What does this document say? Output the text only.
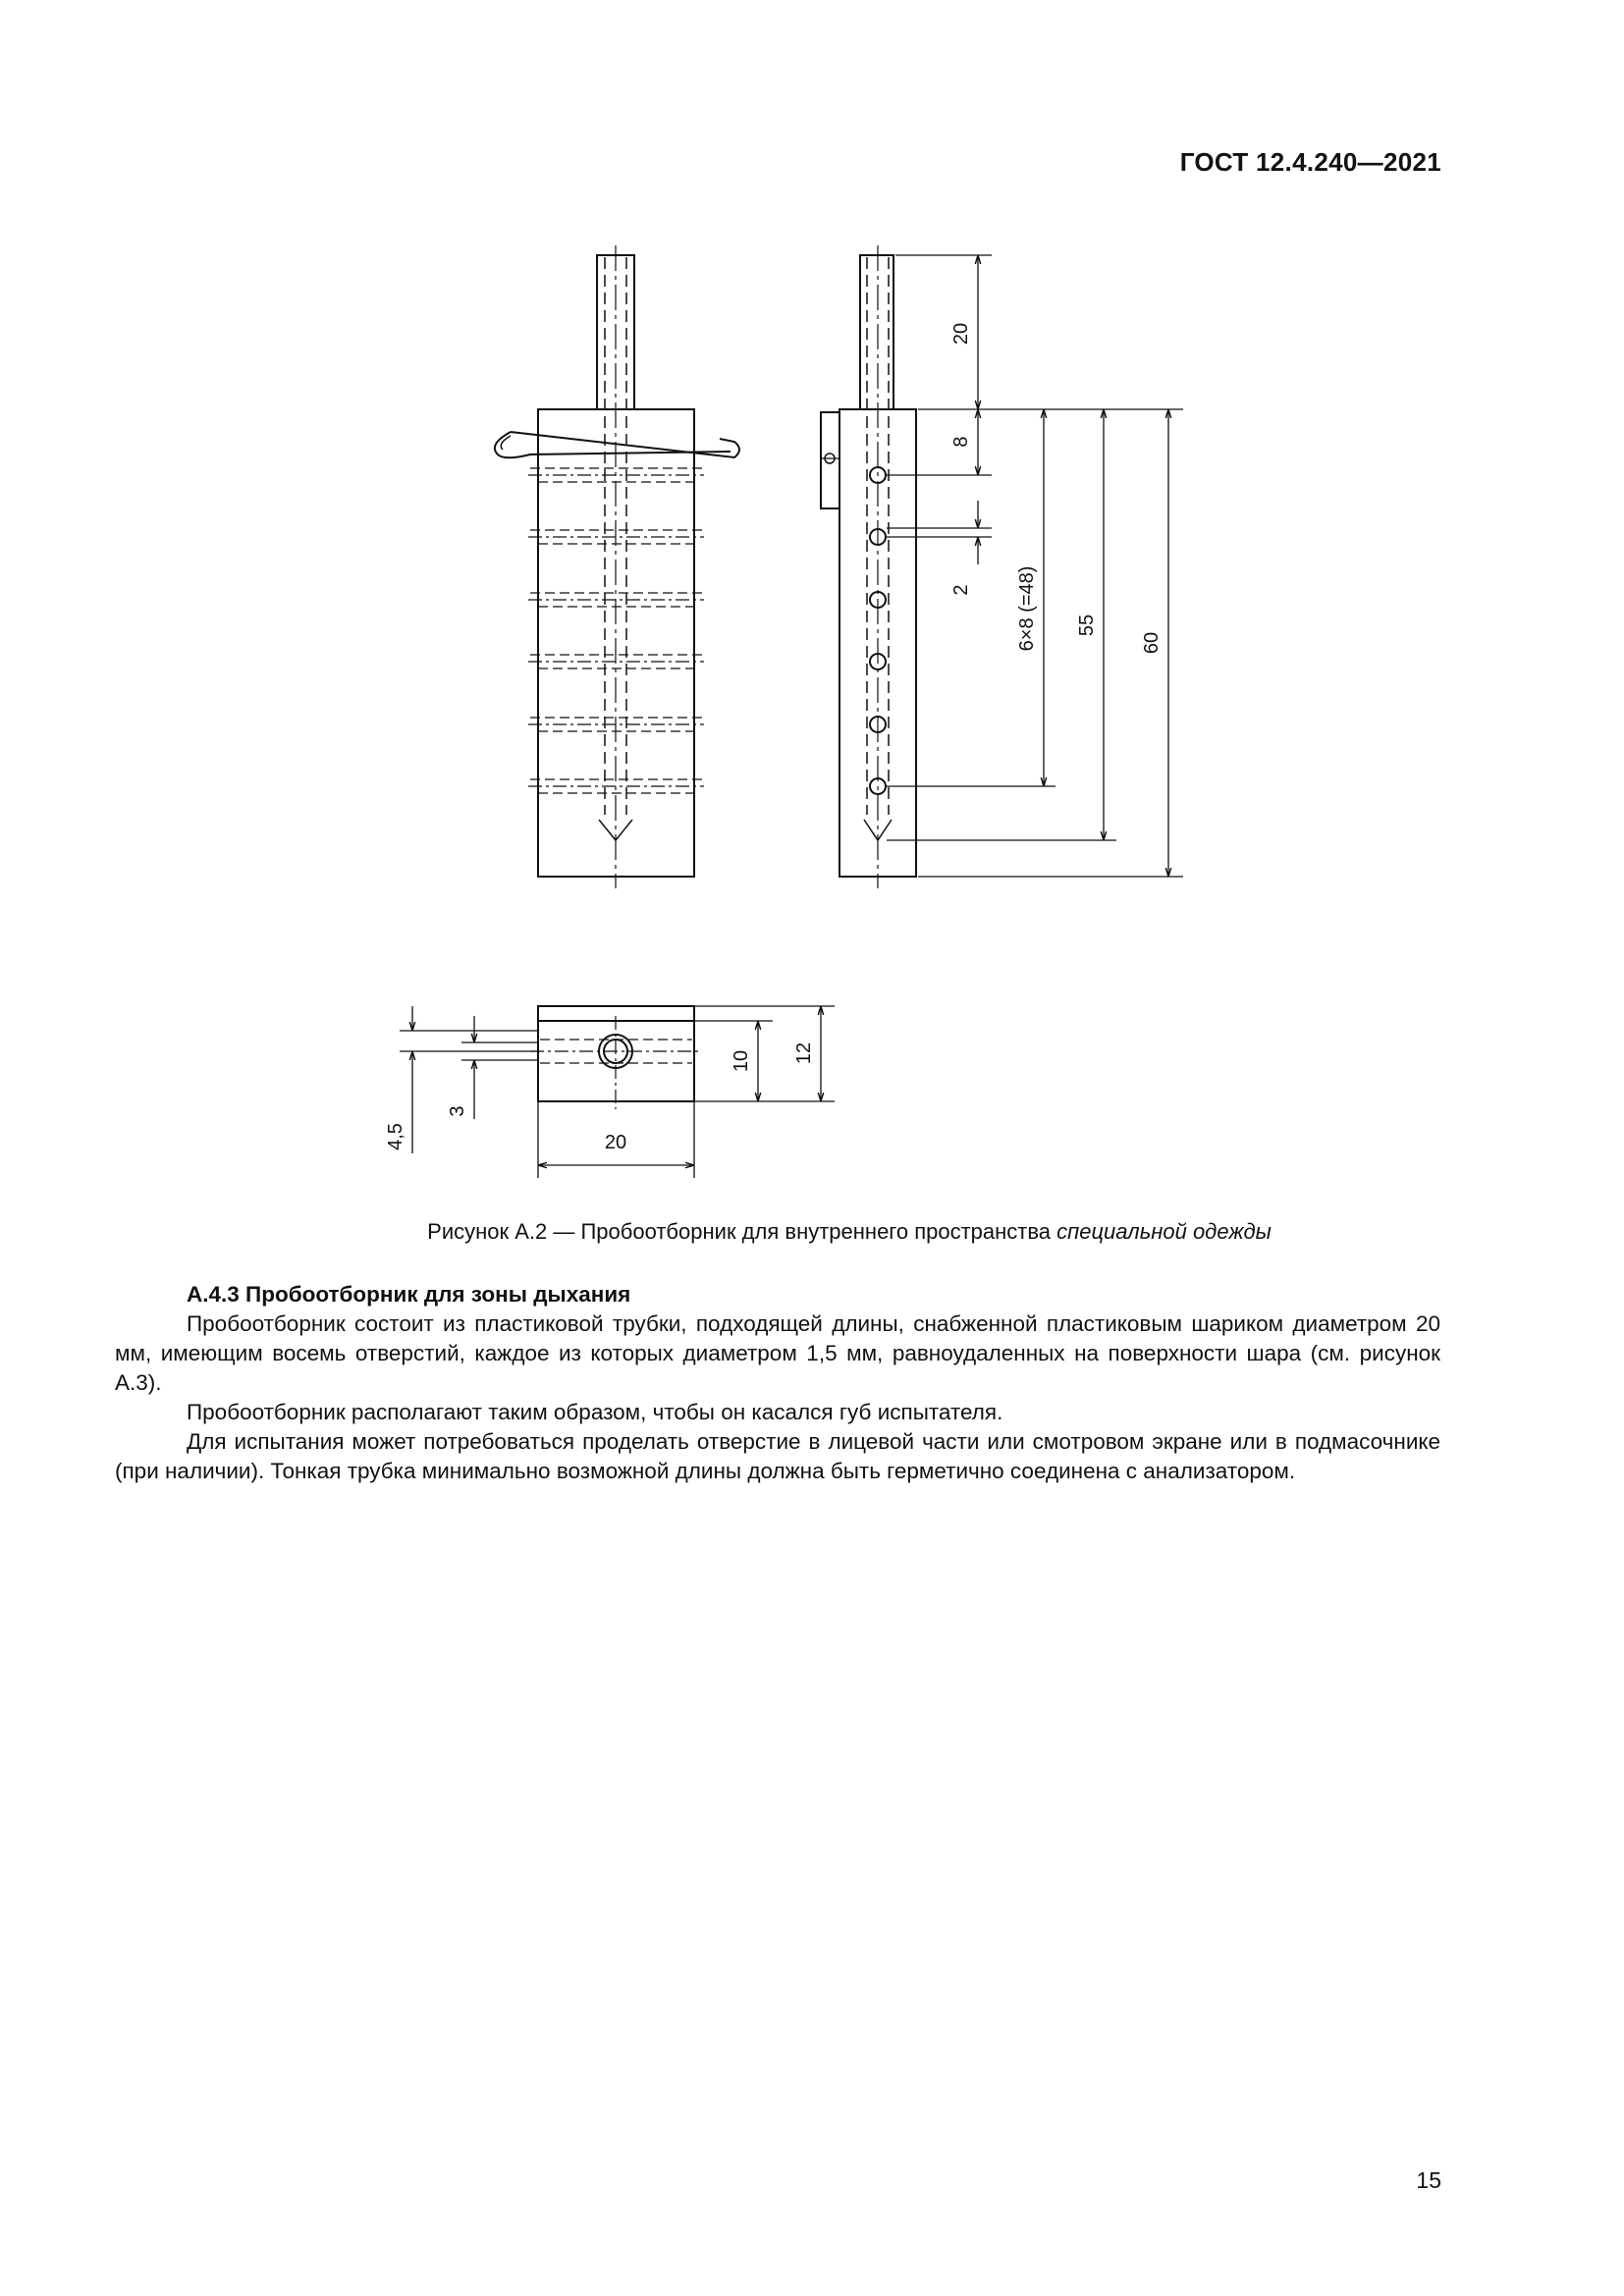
ГОСТ 12.4.240—2021
20
8
2 6×8 (=48) 55
60
4,5
3
10 12
20
Рисунок А.2 — Пробоотборник для внутреннего пространства специальной одежды
А.4.3 Пробоотборник для зоны дыхания

Пробоотборник состоит из пластиковой трубки, подходящей длины, снабженной пластиковым шариком диаметром 20 мм, имеющим восемь отверстий, каждое из которых диаметром 1,5 мм, равноудаленных на поверхности шара (см. рисунок А.3).

Пробоотборник располагают таким образом, чтобы он касался губ испытателя.

Для испытания может потребоваться проделать отверстие в лицевой части или смотровом экране или в подмасочнике (при наличии). Тонкая трубка минимально возможной длины должна быть герметично соединена с анализатором.

15
